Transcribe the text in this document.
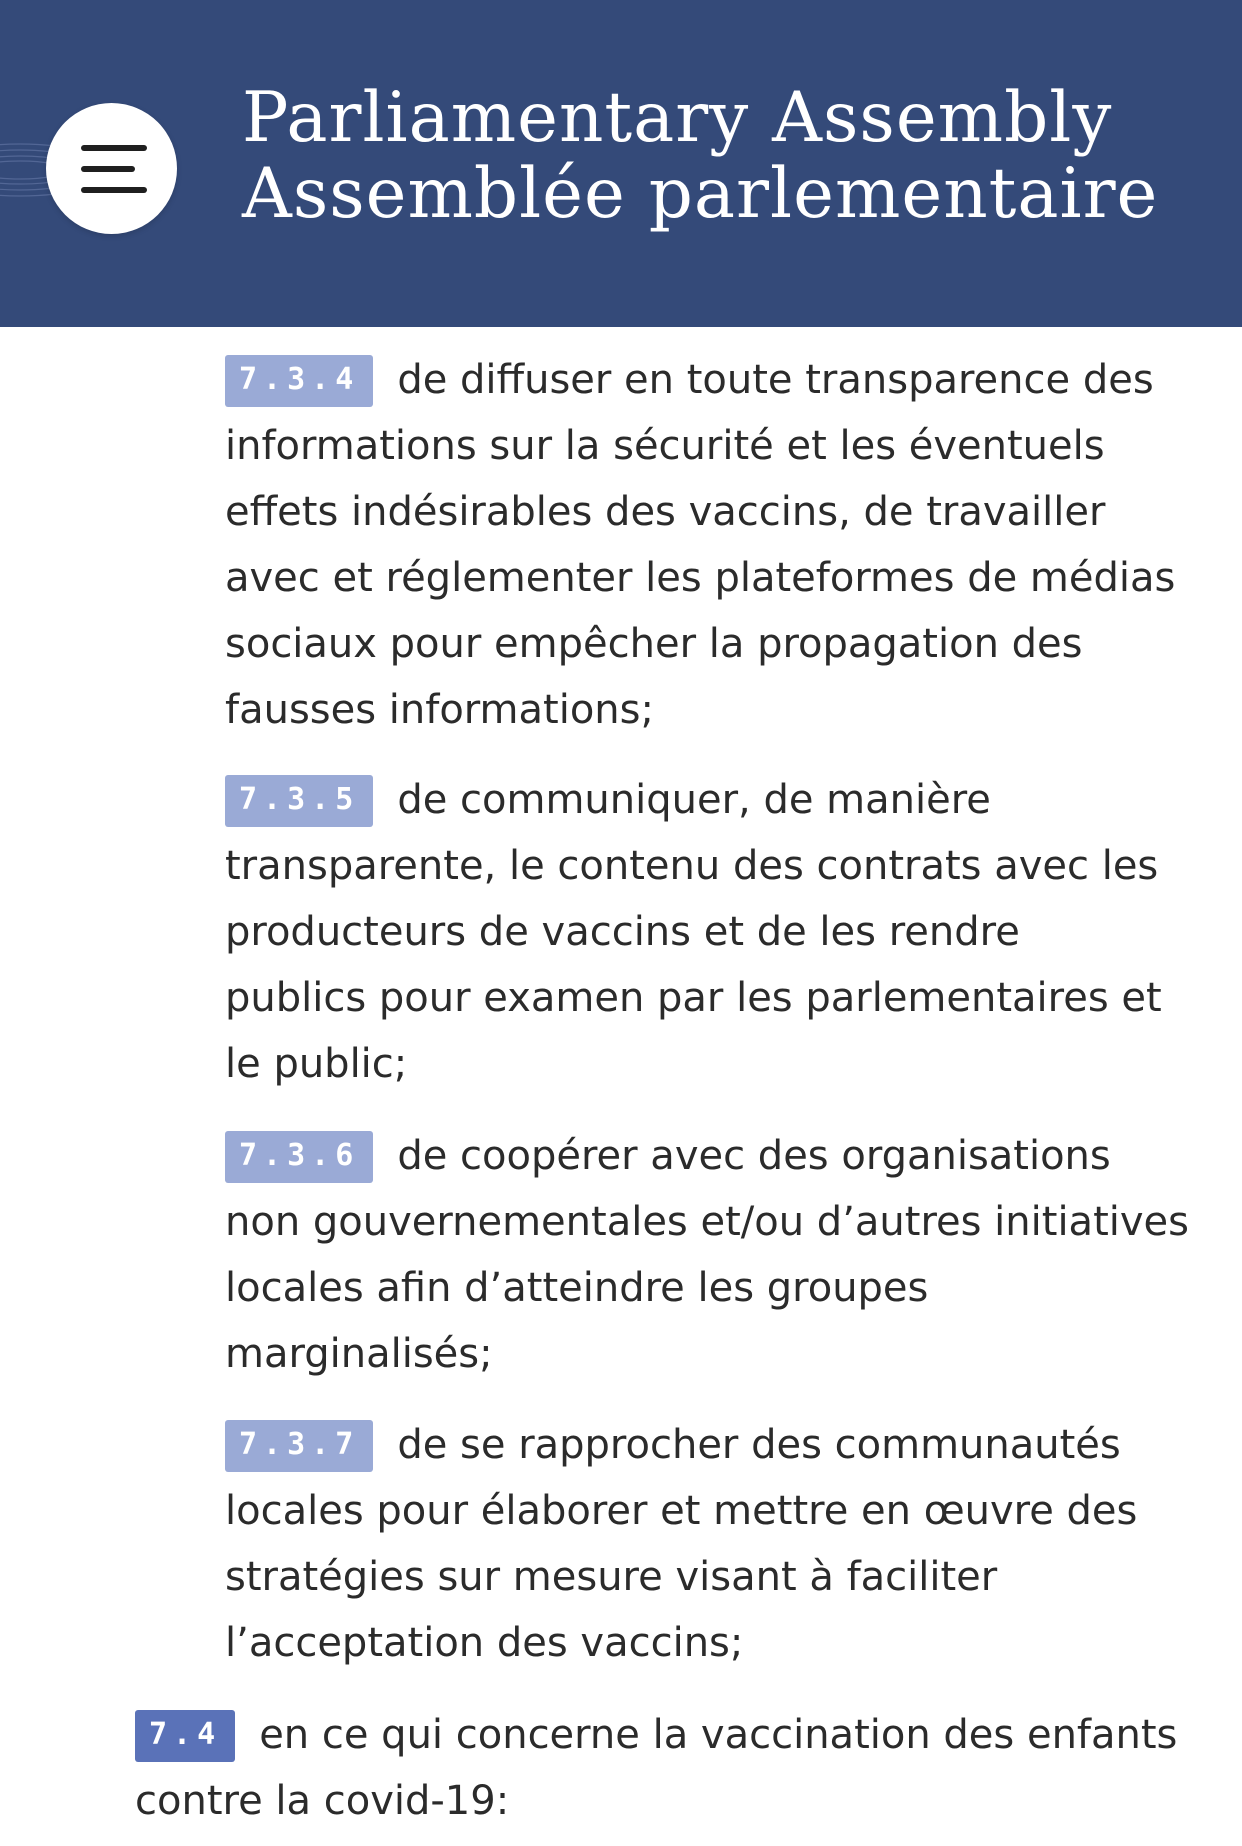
Parliamentary Assembly
Assemblée parlementaire
7.3.4 de diffuser en toute transparence des
informations sur la sécurité et les éventuels
effets indésirables des vaccins, de travailler
avec et réglementer les plateformes de médias
sociaux pour empêcher la propagation des
fausses informations;
7.3.5 de communiquer, de manière
transparente, le contenu des contrats avec les
producteurs de vaccins et de les rendre
publics pour examen par les parlementaires et
le public;
7.3.6 de coopérer avec des organisations
non gouvernementales et/ou d’autres initiatives
locales afin d’atteindre les groupes
marginalisés;
7.3.7 de se rapprocher des communautés
locales pour élaborer et mettre en œuvre des
stratégies sur mesure visant à faciliter
l’acceptation des vaccins;
7.4 en ce qui concerne la vaccination des enfants
contre la covid-19:
